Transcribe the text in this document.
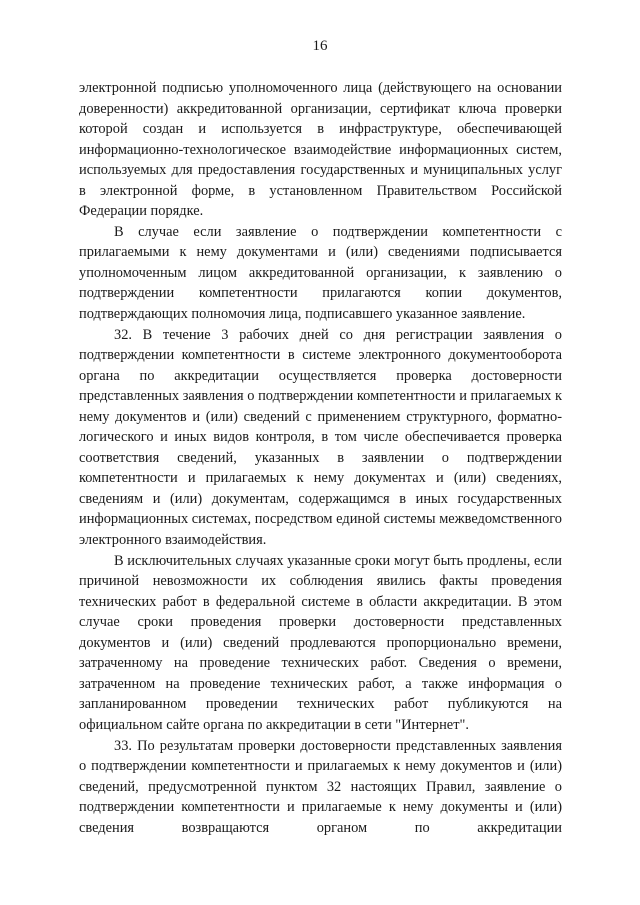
16

электронной подписью уполномоченного лица (действующего на основании доверенности) аккредитованной организации, сертификат ключа проверки которой создан и используется в инфраструктуре, обеспечивающей информационно-технологическое взаимодействие информационных систем, используемых для предоставления государственных и муниципальных услуг в электронной форме, в установленном Правительством Российской Федерации порядке.

В случае если заявление о подтверждении компетентности с прилагаемыми к нему документами и (или) сведениями подписывается уполномоченным лицом аккредитованной организации, к заявлению о подтверждении компетентности прилагаются копии документов, подтверждающих полномочия лица, подписавшего указанное заявление.

32. В течение 3 рабочих дней со дня регистрации заявления о подтверждении компетентности в системе электронного документооборота органа по аккредитации осуществляется проверка достоверности представленных заявления о подтверждении компетентности и прилагаемых к нему документов и (или) сведений с применением структурного, форматно-логического и иных видов контроля, в том числе обеспечивается проверка соответствия сведений, указанных в заявлении о подтверждении компетентности и прилагаемых к нему документах и (или) сведениях, сведениям и (или) документам, содержащимся в иных государственных информационных системах, посредством единой системы межведомственного электронного взаимодействия.

В исключительных случаях указанные сроки могут быть продлены, если причиной невозможности их соблюдения явились факты проведения технических работ в федеральной системе в области аккредитации. В этом случае сроки проведения проверки достоверности представленных документов и (или) сведений продлеваются пропорционально времени, затраченному на проведение технических работ. Сведения о времени, затраченном на проведение технических работ, а также информация о запланированном проведении технических работ публикуются на официальном сайте органа по аккредитации в сети "Интернет".

33. По результатам проверки достоверности представленных заявления о подтверждении компетентности и прилагаемых к нему документов и (или) сведений, предусмотренной пунктом 32 настоящих Правил, заявление о подтверждении компетентности и прилагаемые к нему документы и (или) сведения возвращаются органом по аккредитации
